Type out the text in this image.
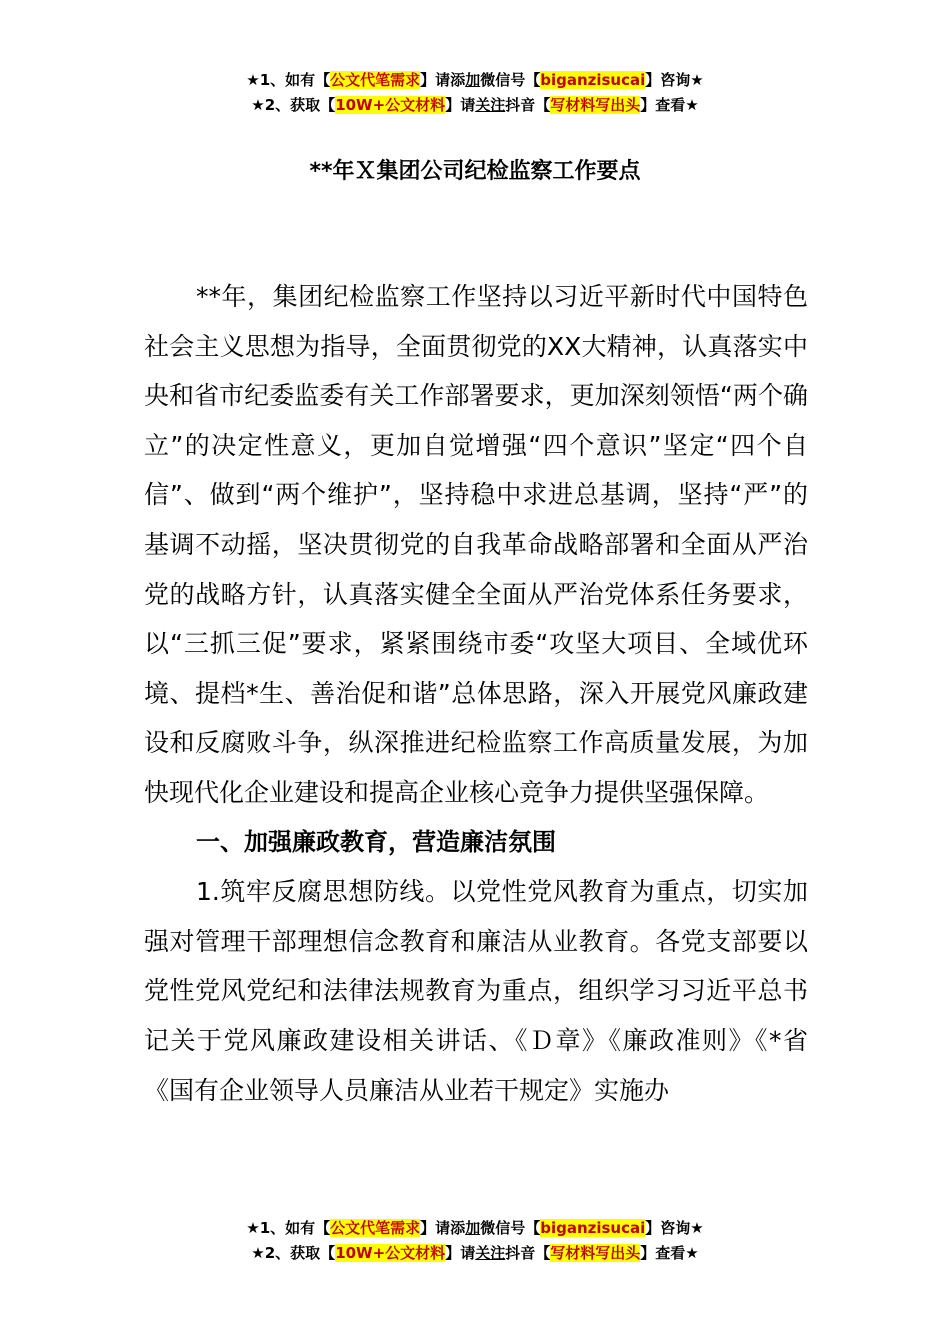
★1、如有【公文代笔需求】请添加微信号【biganzisucai】咨询★
★2、获取【10W+公文材料】请关注抖音【写材料写出头】查看★
**年Ｘ集团公司纪检监察工作要点

**年，集团纪检监察工作坚持以习近平新时代中国特色社会主义思想为指导，全面贯彻党的XX大精神，认真落实中央和省市纪委监委有关工作部署要求，更加深刻领悟“两个确立”的决定性意义，更加自觉增强“四个意识”坚定“四个自信”、做到“两个维护”，坚持稳中求进总基调，坚持“严”的基调不动摇，坚决贯彻党的自我革命战略部署和全面从严治党的战略方针，认真落实健全全面从严治党体系任务要求，以“三抓三促”要求，紧紧围绕市委“攻坚大项目、全域优环境、提档*生、善治促和谐”总体思路，深入开展党风廉政建设和反腐败斗争，纵深推进纪检监察工作高质量发展，为加快现代化企业建设和提高企业核心竞争力提供坚强保障。

一、加强廉政教育，营造廉洁氛围

1.筑牢反腐思想防线。以党性党风教育为重点，切实加强对管理干部理想信念教育和廉洁从业教育。各党支部要以党性党风党纪和法律法规教育为重点，组织学习习近平总书记关于党风廉政建设相关讲话、《Ｄ章》《廉政准则》《*省《国有企业领导人员廉洁从业若干规定》实施办

★1、如有【公文代笔需求】请添加微信号【biganzisucai】咨询★
★2、获取【10W+公文材料】请关注抖音【写材料写出头】查看★
